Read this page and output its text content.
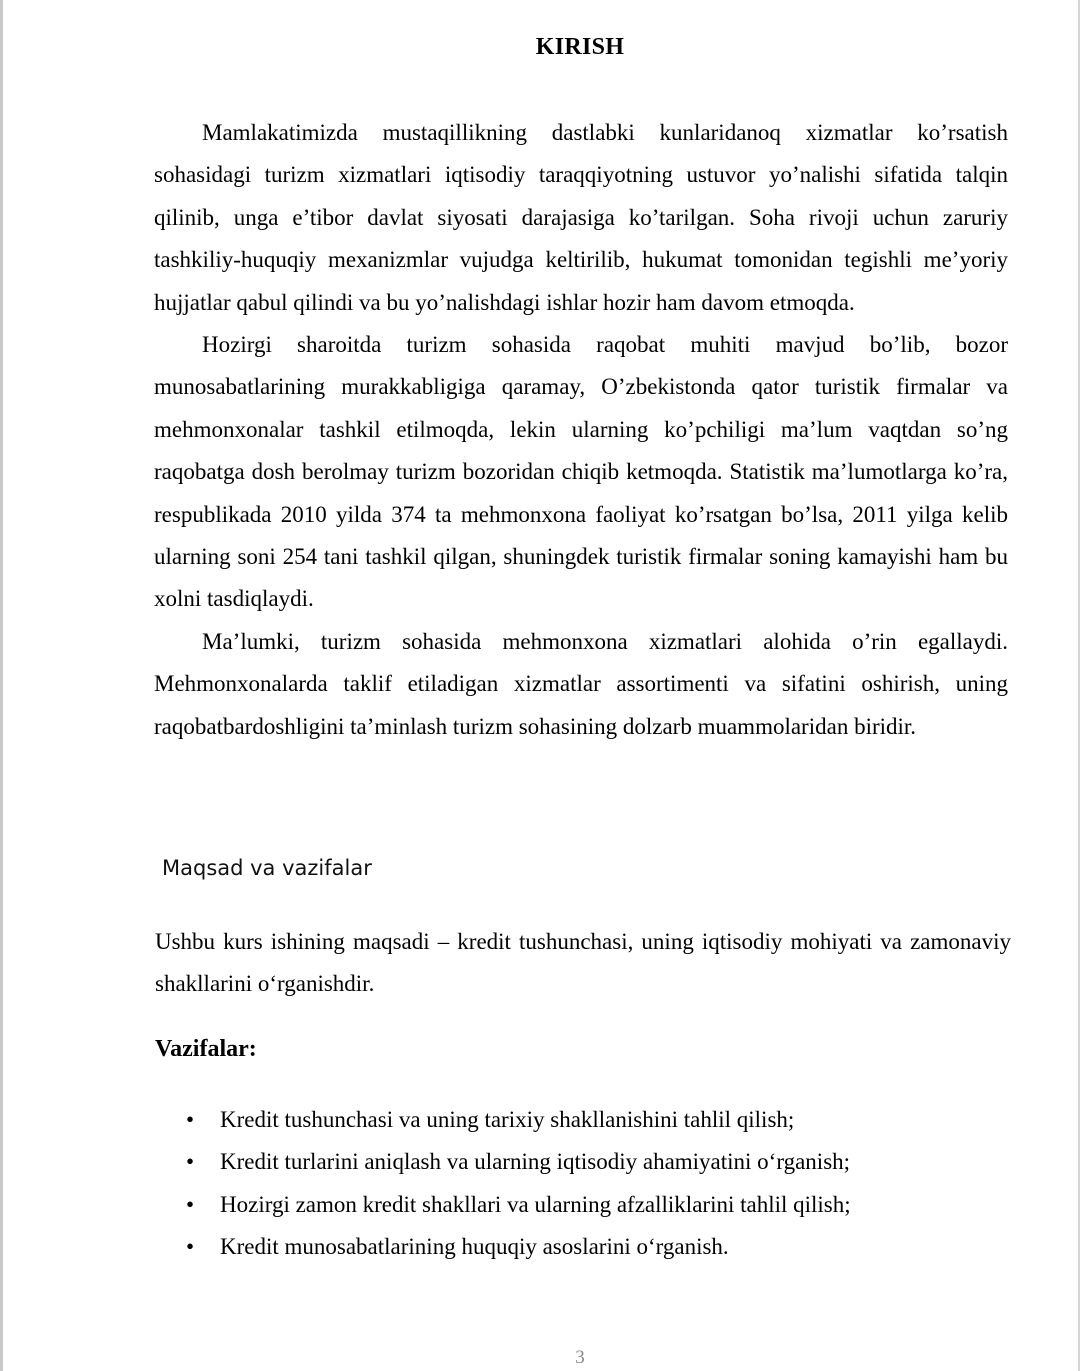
KIRISH

Mamlakatimizda mustaqillikning dastlabki kunlaridanoq xizmatlar ko’rsatish sohasidagi turizm xizmatlari iqtisodiy taraqqiyotning ustuvor yo’nalishi sifatida talqin qilinib, unga e’tibor davlat siyosati darajasiga ko’tarilgan. Soha rivoji uchun zaruriy tashkiliy-huquqiy mexanizmlar vujudga keltirilib, hukumat tomonidan tegishli me’yoriy hujjatlar qabul qilindi va bu yo’nalishdagi ishlar hozir ham davom etmoqda.

Hozirgi sharoitda turizm sohasida raqobat muhiti mavjud bo’lib, bozor munosabatlarining murakkabligiga qaramay, O’zbekistonda qator turistik firmalar va mehmonxonalar tashkil etilmoqda, lekin ularning ko’pchiligi ma’lum vaqtdan so’ng raqobatga dosh berolmay turizm bozoridan chiqib ketmoqda. Statistik ma’lumotlarga ko’ra, respublikada 2010 yilda 374 ta mehmonxona faoliyat ko’rsatgan bo’lsa, 2011 yilga kelib ularning soni 254 tani tashkil qilgan, shuningdek turistik firmalar soning kamayishi ham bu xolni tasdiqlaydi.

Ma’lumki, turizm sohasida mehmonxona xizmatlari alohida o’rin egallaydi. Mehmonxonalarda taklif etiladigan xizmatlar assortimenti va sifatini oshirish, uning raqobatbardoshligini ta’minlash turizm sohasining dolzarb muammolaridan biridir.

Maqsad va vazifalar

Ushbu kurs ishining maqsadi – kredit tushunchasi, uning iqtisodiy mohiyati va zamonaviy shakllarini o‘rganishdir.

Vazifalar:
• Kredit tushunchasi va uning tarixiy shakllanishini tahlil qilish;
• Kredit turlarini aniqlash va ularning iqtisodiy ahamiyatini o‘rganish;
• Hozirgi zamon kredit shakllari va ularning afzalliklarini tahlil qilish;
• Kredit munosabatlarining huquqiy asoslarini o‘rganish.
3
